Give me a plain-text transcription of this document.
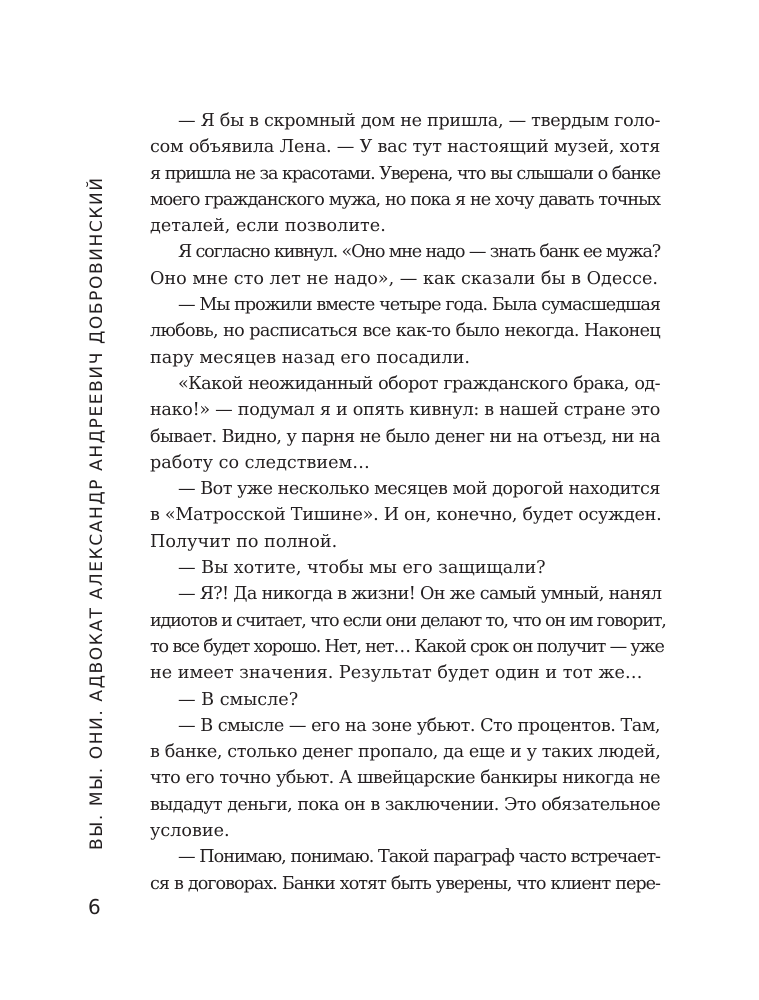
ВЫ. МЫ. ОНИ. АДВОКАТ АЛЕКСАНДР АНДРЕЕВИЧ ДОБРОВИНСКИЙ
6
— Я бы в скромный дом не пришла, — твердым голо-
сом объявила Лена. — У вас тут настоящий музей, хотя
я пришла не за красотами. Уверена, что вы слышали о банке
моего гражданского мужа, но пока я не хочу давать точных
деталей, если позволите.
Я согласно кивнул. «Оно мне надо — знать банк ее мужа?
Оно мне сто лет не надо», — как сказали бы в Одессе.
— Мы прожили вместе четыре года. Была сумасшедшая
любовь, но расписаться все как-то было некогда. Наконец
пару месяцев назад его посадили.
«Какой неожиданный оборот гражданского брака, од-
нако!» — подумал я и опять кивнул: в нашей стране это
бывает. Видно, у парня не было денег ни на отъезд, ни на
работу со следствием…
— Вот уже несколько месяцев мой дорогой находится
в «Матросской Тишине». И он, конечно, будет осужден.
Получит по полной.
— Вы хотите, чтобы мы его защищали?
— Я?! Да никогда в жизни! Он же самый умный, нанял
идиотов и считает, что если они делают то, что он им говорит,
то все будет хорошо. Нет, нет… Какой срок он получит — уже
не имеет значения. Результат будет один и тот же…
— В смысле?
— В смысле — его на зоне убьют. Сто процентов. Там,
в банке, столько денег пропало, да еще и у таких людей,
что его точно убьют. А швейцарские банкиры никогда не
выдадут деньги, пока он в заключении. Это обязательное
условие.
— Понимаю, понимаю. Такой параграф часто встречает-
ся в договорах. Банки хотят быть уверены, что клиент пере-
